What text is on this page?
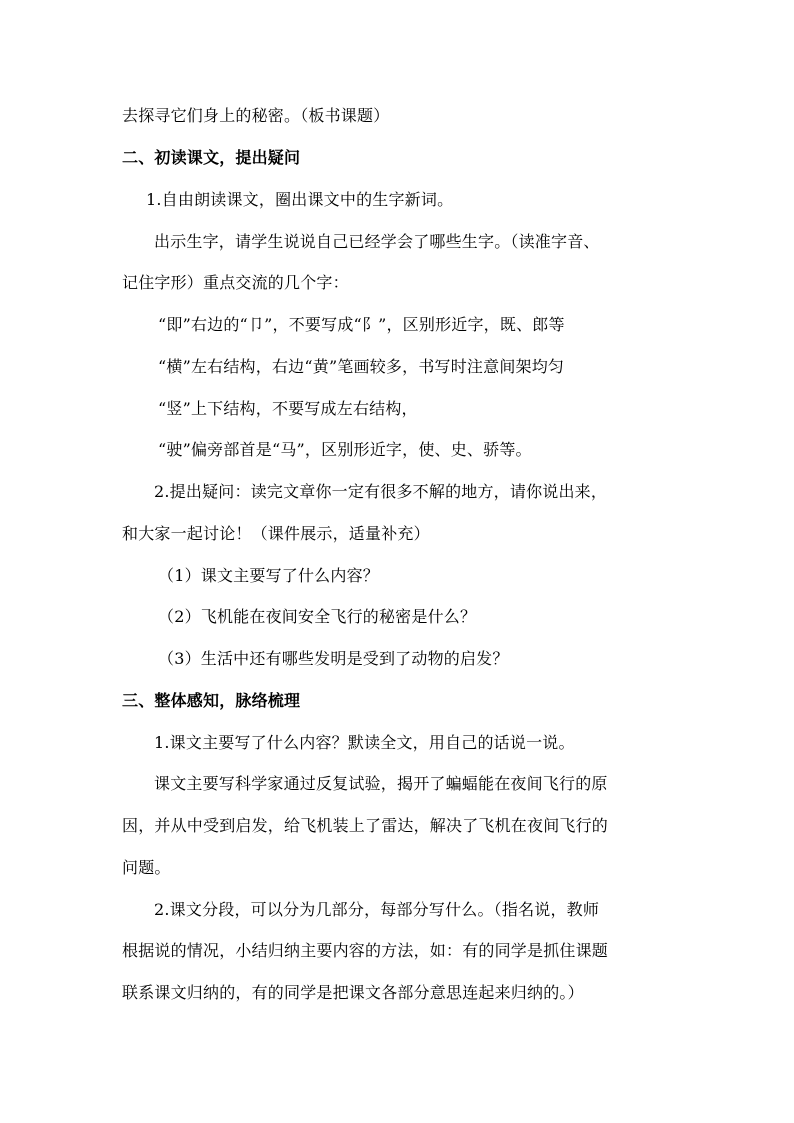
去探寻它们身上的秘密。（板书课题）
二、初读课文，提出疑问
1.自由朗读课文，圈出课文中的生字新词。
出示生字，请学生说说自己已经学会了哪些生字。（读准字音、
记住字形）重点交流的几个字：
“即”右边的“卩”，不要写成“阝”，区别形近字，既、郎等
“横”左右结构，右边“黄”笔画较多，书写时注意间架均匀
“竖”上下结构，不要写成左右结构，
“驶”偏旁部首是“马”，区别形近字，使、史、骄等。
2.提出疑问：读完文章你一定有很多不解的地方，请你说出来，
和大家一起讨论！（课件展示，适量补充）
（1）课文主要写了什么内容？
（2）飞机能在夜间安全飞行的秘密是什么？
（3）生活中还有哪些发明是受到了动物的启发？
三、整体感知，脉络梳理
1.课文主要写了什么内容？默读全文，用自己的话说一说。
课文主要写科学家通过反复试验，揭开了蝙蝠能在夜间飞行的原
因，并从中受到启发，给飞机装上了雷达，解决了飞机在夜间飞行的
问题。
2.课文分段，可以分为几部分，每部分写什么。（指名说，教师
根据说的情况，小结归纳主要内容的方法，如：有的同学是抓住课题
联系课文归纳的，有的同学是把课文各部分意思连起来归纳的。）
